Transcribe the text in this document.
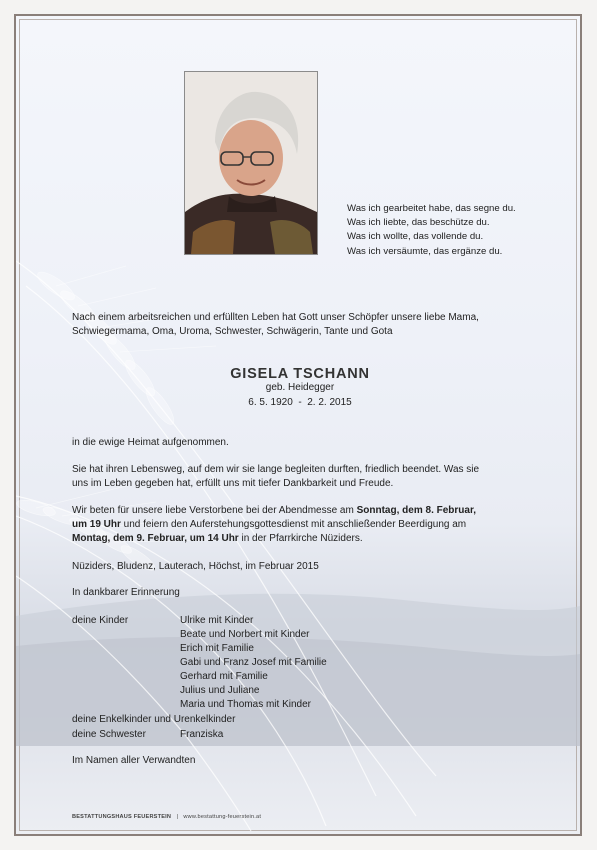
Was ich gearbeitet habe, das segne du.
Was ich liebte, das beschütze du.
Was ich wollte, das vollende du.
Was ich versäumte, das ergänze du.
Nach einem arbeitsreichen und erfüllten Leben hat Gott unser Schöpfer unsere liebe Mama,
Schwiegermama, Oma, Uroma, Schwester, Schwägerin, Tante und Gota
GISELA TSCHANN
geb. Heidegger
6. 5. 1920  -  2. 2. 2015
in die ewige Heimat aufgenommen.
Sie hat ihren Lebensweg, auf dem wir sie lange begleiten durften, friedlich beendet. Was sie
uns im Leben gegeben hat, erfüllt uns mit tiefer Dankbarkeit und Freude.
Wir beten für unsere liebe Verstorbene bei der Abendmesse am Sonntag, dem 8. Februar,
um 19 Uhr und feiern den Auferstehungsgottesdienst mit anschließender Beerdigung am
Montag, dem 9. Februar, um 14 Uhr in der Pfarrkirche Nüziders.
Nüziders, Bludenz, Lauterach, Höchst, im Februar 2015
In dankbarer Erinnerung
deine Kinder	Ulrike mit Kinder
Beate und Norbert mit Kinder
Erich mit Familie
Gabi und Franz Josef mit Familie
Gerhard mit Familie
Julius und Juliane
Maria und Thomas mit Kinder
deine Enkelkinder und Urenkelkinder
deine Schwester	Franziska
Im Namen aller Verwandten
BESTATTUNGSHAUS FEUERSTEIN | www.bestattung-feuerstein.at
